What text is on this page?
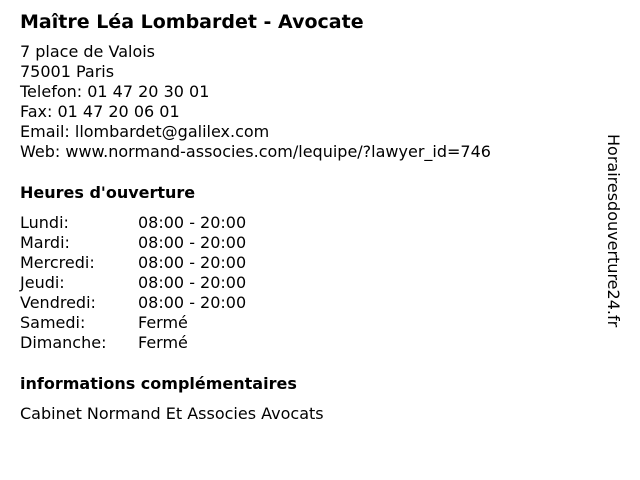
Maître Léa Lombardet - Avocate
7 place de Valois
75001 Paris
Telefon: 01 47 20 30 01
Fax: 01 47 20 06 01
Email: llombardet@galilex.com
Web: www.normand-associes.com/lequipe/?lawyer_id=746
Heures d'ouverture
Lundi:	08:00 - 20:00
Mardi:	08:00 - 20:00
Mercredi:	08:00 - 20:00
Jeudi:	08:00 - 20:00
Vendredi:	08:00 - 20:00
Samedi:	Fermé
Dimanche: Fermé
informations complémentaires
Cabinet Normand Et Associes Avocats
Horairesdouverture24.fr
